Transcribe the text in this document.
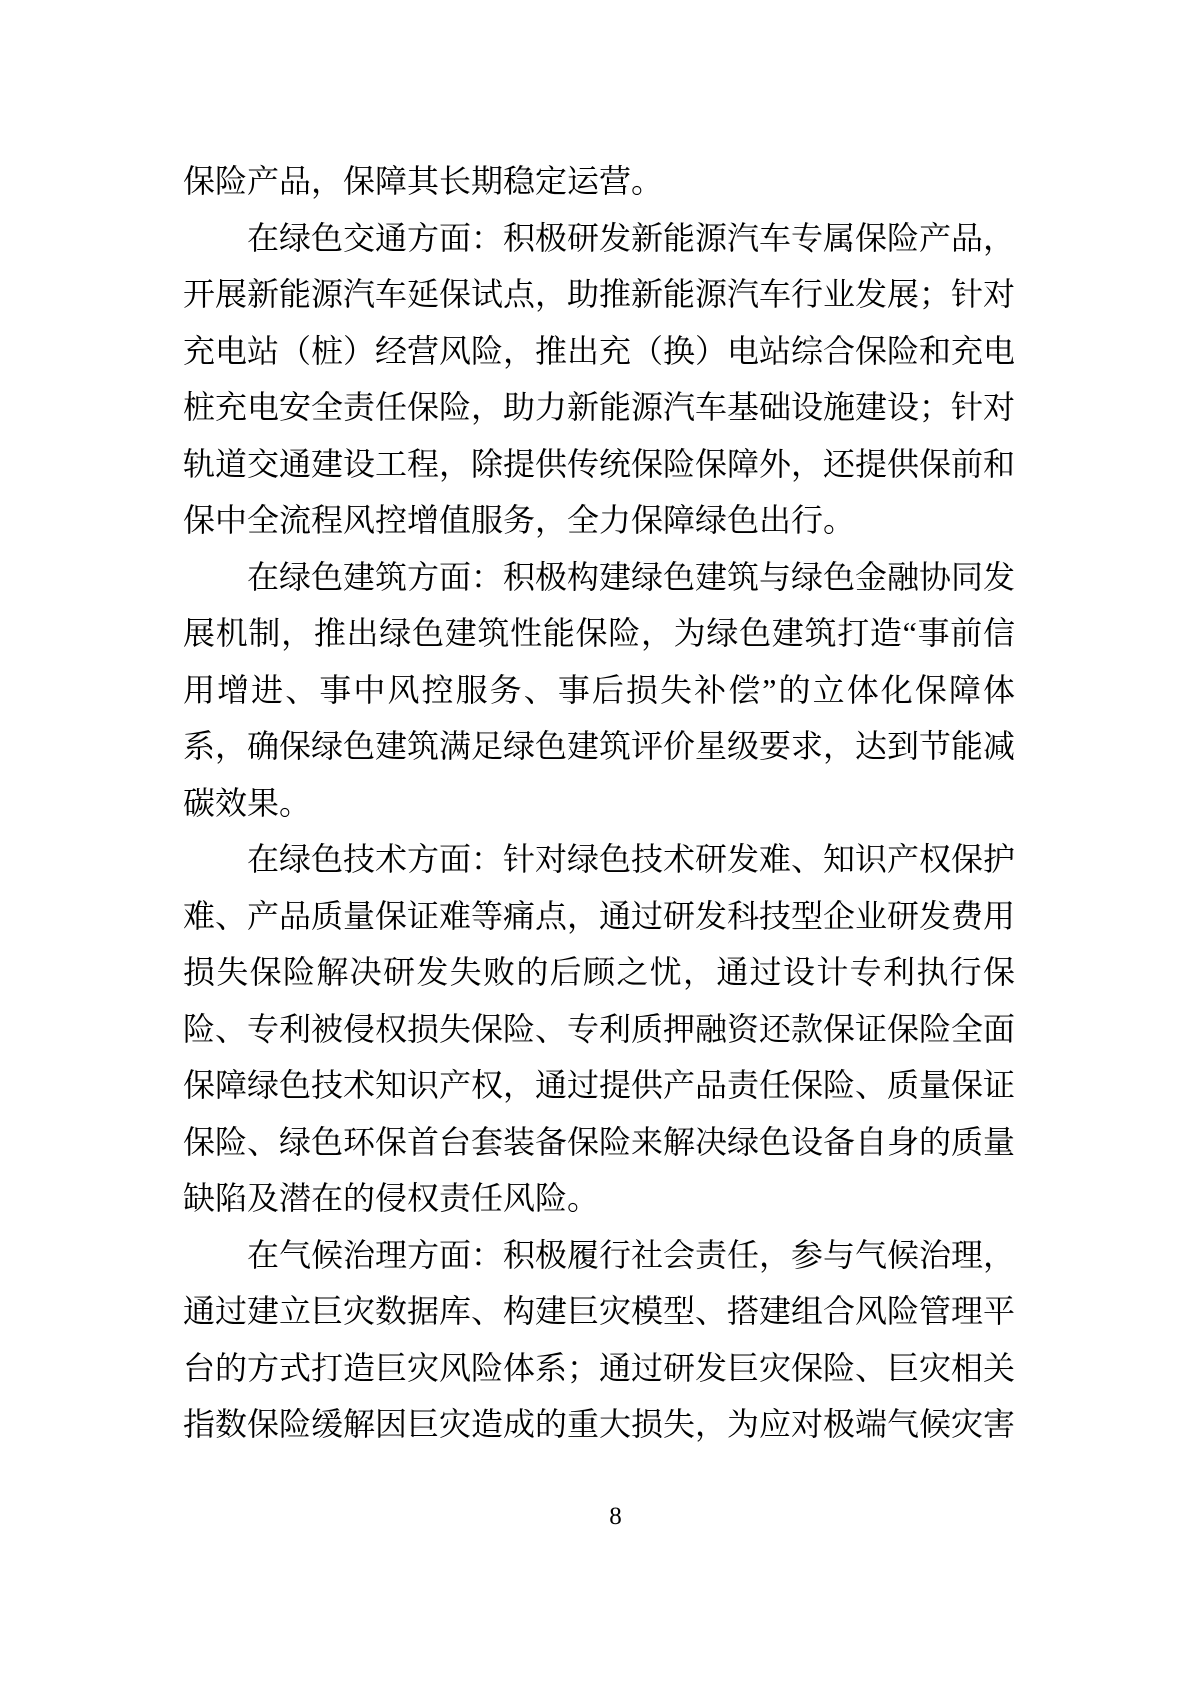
保险产品，保障其长期稳定运营。

在绿色交通方面：积极研发新能源汽车专属保险产品，开展新能源汽车延保试点，助推新能源汽车行业发展；针对充电站（桩）经营风险，推出充（换）电站综合保险和充电桩充电安全责任保险，助力新能源汽车基础设施建设；针对轨道交通建设工程，除提供传统保险保障外，还提供保前和保中全流程风控增值服务，全力保障绿色出行。

在绿色建筑方面：积极构建绿色建筑与绿色金融协同发展机制，推出绿色建筑性能保险，为绿色建筑打造“事前信用增进、事中风控服务、事后损失补偿”的立体化保障体系，确保绿色建筑满足绿色建筑评价星级要求，达到节能减碳效果。

在绿色技术方面：针对绿色技术研发难、知识产权保护难、产品质量保证难等痛点，通过研发科技型企业研发费用损失保险解决研发失败的后顾之忧，通过设计专利执行保险、专利被侵权损失保险、专利质押融资还款保证保险全面保障绿色技术知识产权，通过提供产品责任保险、质量保证保险、绿色环保首台套装备保险来解决绿色设备自身的质量缺陷及潜在的侵权责任风险。

在气候治理方面：积极履行社会责任，参与气候治理，通过建立巨灾数据库、构建巨灾模型、搭建组合风险管理平台的方式打造巨灾风险体系；通过研发巨灾保险、巨灾相关指数保险缓解因巨灾造成的重大损失，为应对极端气候灾害

8
